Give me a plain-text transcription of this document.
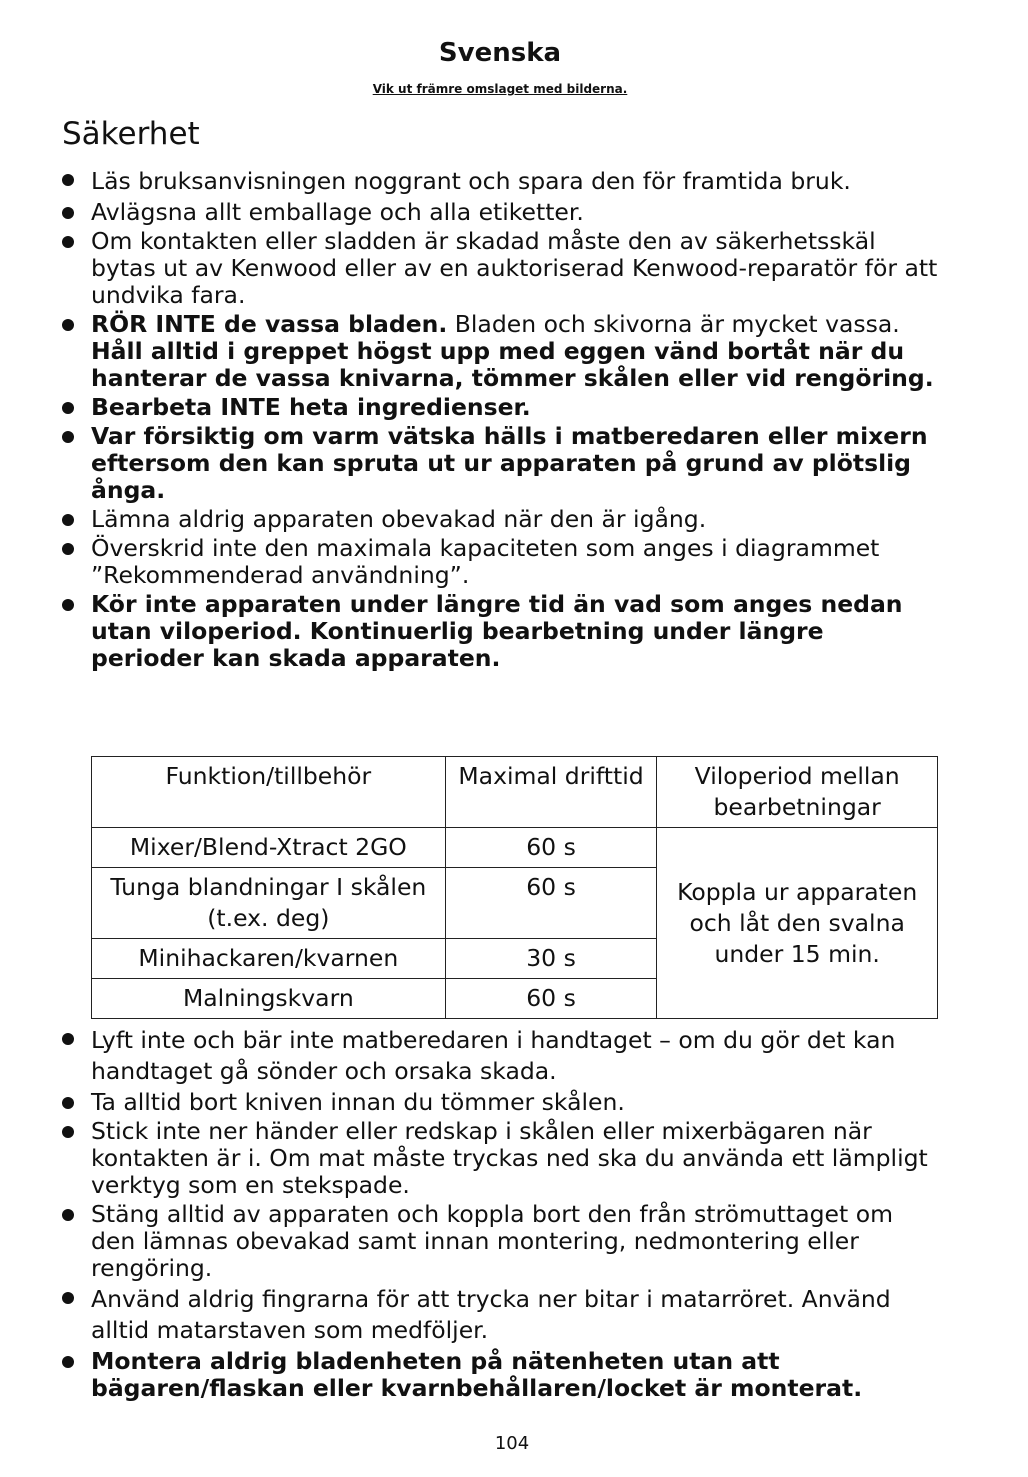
Svenska
Vik ut främre omslaget med bilderna.
Säkerhet
Läs bruksanvisningen noggrant och spara den för framtida bruk.
Avlägsna allt emballage och alla etiketter.
Om kontakten eller sladden är skadad måste den av säkerhetsskäl bytas ut av Kenwood eller av en auktoriserad Kenwood-reparatör för att undvika fara.
RÖR INTE de vassa bladen. Bladen och skivorna är mycket vassa. Håll alltid i greppet högst upp med eggen vänd bortåt när du hanterar de vassa knivarna, tömmer skålen eller vid rengöring.
Bearbeta INTE heta ingredienser.
Var försiktig om varm vätska hälls i matberedaren eller mixern eftersom den kan spruta ut ur apparaten på grund av plötslig ånga.
Lämna aldrig apparaten obevakad när den är igång.
Överskrid inte den maximala kapaciteten som anges i diagrammet ”Rekommenderad användning”.
Kör inte apparaten under längre tid än vad som anges nedan utan viloperiod. Kontinuerlig bearbetning under längre perioder kan skada apparaten.
Funktion/tillbehör	Maximal drifttid	Viloperiod mellan bearbetningar
Mixer/Blend-Xtract 2GO	60 s	Koppla ur apparaten och låt den svalna under 15 min.
Tunga blandningar I skålen (t.ex. deg)	60 s	
Minihackaren/kvarnen	30 s	
Malningskvarn	60 s	
Lyft inte och bär inte matberedaren i handtaget – om du gör det kan handtaget gå sönder och orsaka skada.
Ta alltid bort kniven innan du tömmer skålen.
Stick inte ner händer eller redskap i skålen eller mixerbägaren när kontakten är i. Om mat måste tryckas ned ska du använda ett lämpligt verktyg som en stekspade.
Stäng alltid av apparaten och koppla bort den från strömuttaget om den lämnas obevakad samt innan montering, nedmontering eller rengöring.
Använd aldrig fingrarna för att trycka ner bitar i matarröret. Använd alltid matarstaven som medföljer.
Montera aldrig bladenheten på nätenheten utan att bägaren/flaskan eller kvarnbehållaren/locket är monterat.
104
